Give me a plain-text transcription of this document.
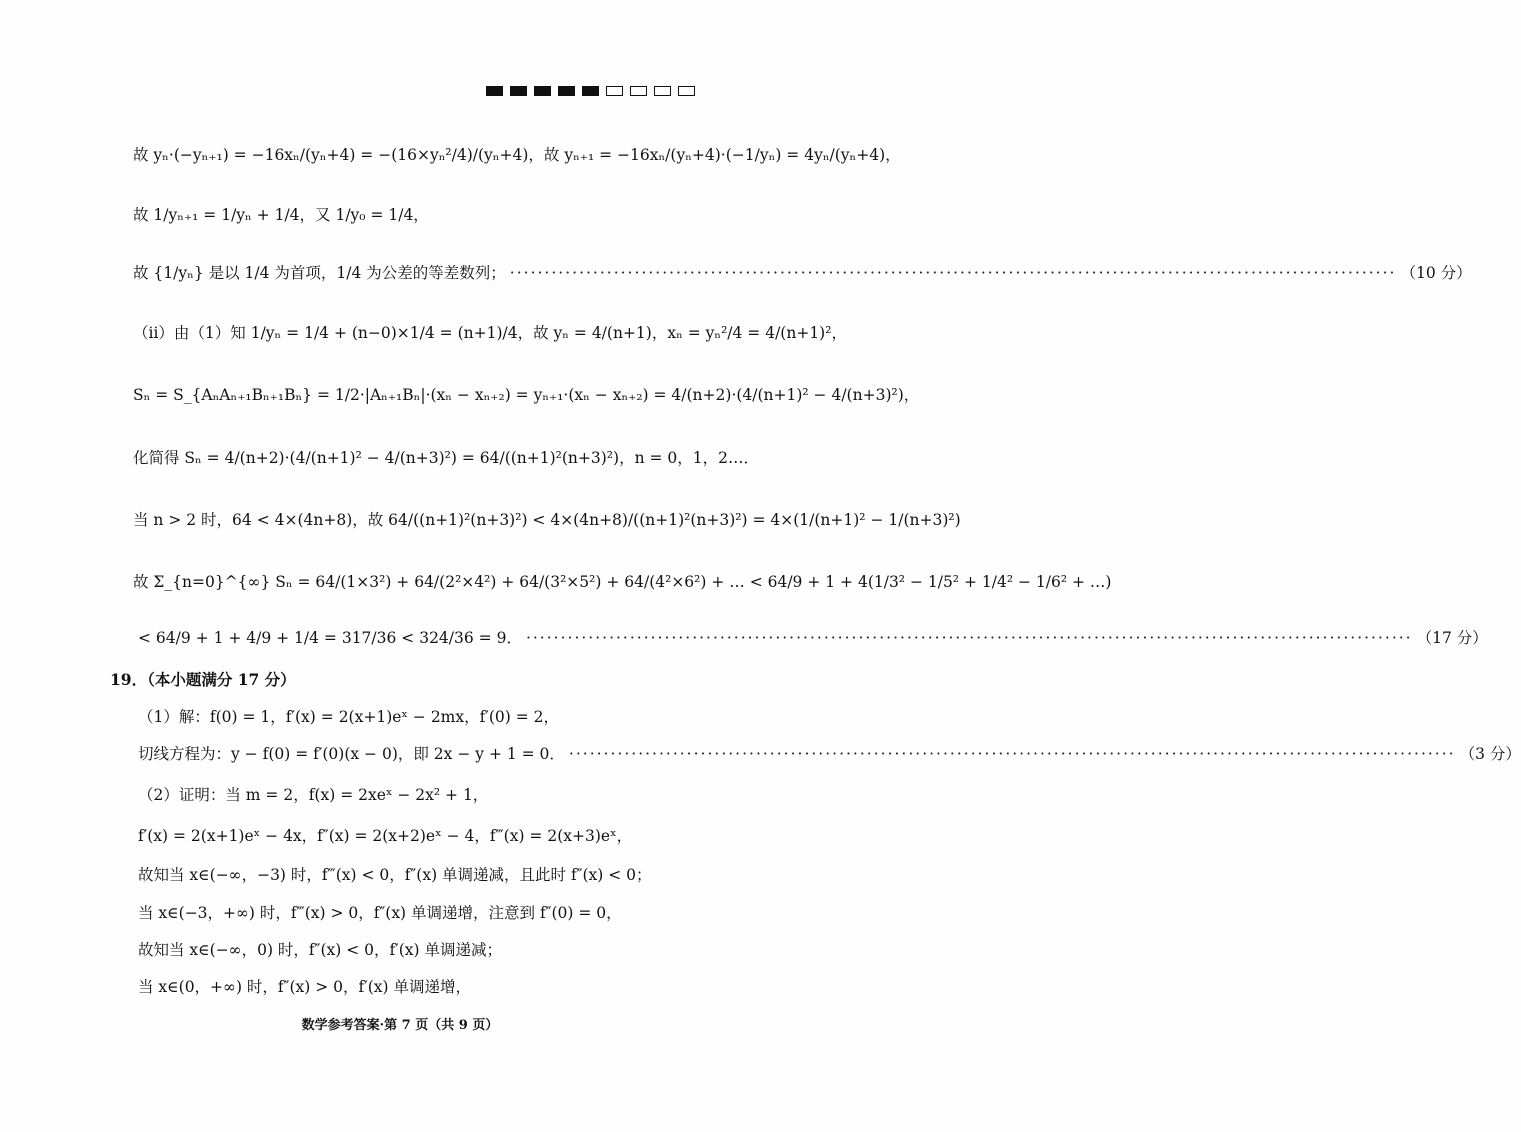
故 yₙ·(−yₙ₊₁) = −16xₙ/(yₙ+4) = −(16×yₙ²/4)/(yₙ+4)，故 yₙ₊₁ = −16xₙ/(yₙ+4)·(−1/yₙ) = 4yₙ/(yₙ+4)，
故 1/yₙ₊₁ = 1/yₙ + 1/4，又 1/y₀ = 1/4，
故 {1/yₙ} 是以 1/4 为首项，1/4 为公差的等差数列； ·····	（10 分）
（ii）由（1）知 1/yₙ = 1/4 + (n−0)×1/4 = (n+1)/4，故 yₙ = 4/(n+1)，xₙ = yₙ²/4 = 4/(n+1)²，
Sₙ = S_{AₙAₙ₊₁Bₙ₊₁Bₙ} = 1/2·|Aₙ₊₁Bₙ|·(xₙ − xₙ₊₂) = yₙ₊₁·(xₙ − xₙ₊₂) = 4/(n+2)·(4/(n+1)² − 4/(n+3)²)，
化简得 Sₙ = 4/(n+2)·(4/(n+1)² − 4/(n+3)²) = 64/((n+1)²(n+3)²)，n = 0，1，2…．
当 n > 2 时，64 < 4×(4n+8)，故 64/((n+1)²(n+3)²) < 4×(4n+8)/((n+1)²(n+3)²) = 4×(1/(n+1)² − 1/(n+3)²)
故 Σ_{n=0}^{∞} Sₙ = 64/(1×3²) + 64/(2²×4²) + 64/(3²×5²) + 64/(4²×6²) + … < 64/9 + 1 + 4(1/3² − 1/5² + 1/4² − 1/6² + …)
< 64/9 + 1 + 4/9 + 1/4 = 317/36 < 324/36 = 9． ·····	（17 分）
19．（本小题满分 17 分）
（1）解：f(0) = 1，f′(x) = 2(x+1)eˣ − 2mx，f′(0) = 2，
切线方程为：y − f(0) = f′(0)(x − 0)，即 2x − y + 1 = 0． ·····	（3 分）
（2）证明：当 m = 2，f(x) = 2xeˣ − 2x² + 1，
f′(x) = 2(x+1)eˣ − 4x，f″(x) = 2(x+2)eˣ − 4，f‴(x) = 2(x+3)eˣ，
故知当 x∈(−∞，−3) 时，f‴(x) < 0，f″(x) 单调递减，且此时 f″(x) < 0；
当 x∈(−3，+∞) 时，f‴(x) > 0，f″(x) 单调递增，注意到 f″(0) = 0，
故知当 x∈(−∞，0) 时，f″(x) < 0，f′(x) 单调递减；
当 x∈(0，+∞) 时，f″(x) > 0，f′(x) 单调递增，
数学参考答案·第 7 页（共 9 页）
